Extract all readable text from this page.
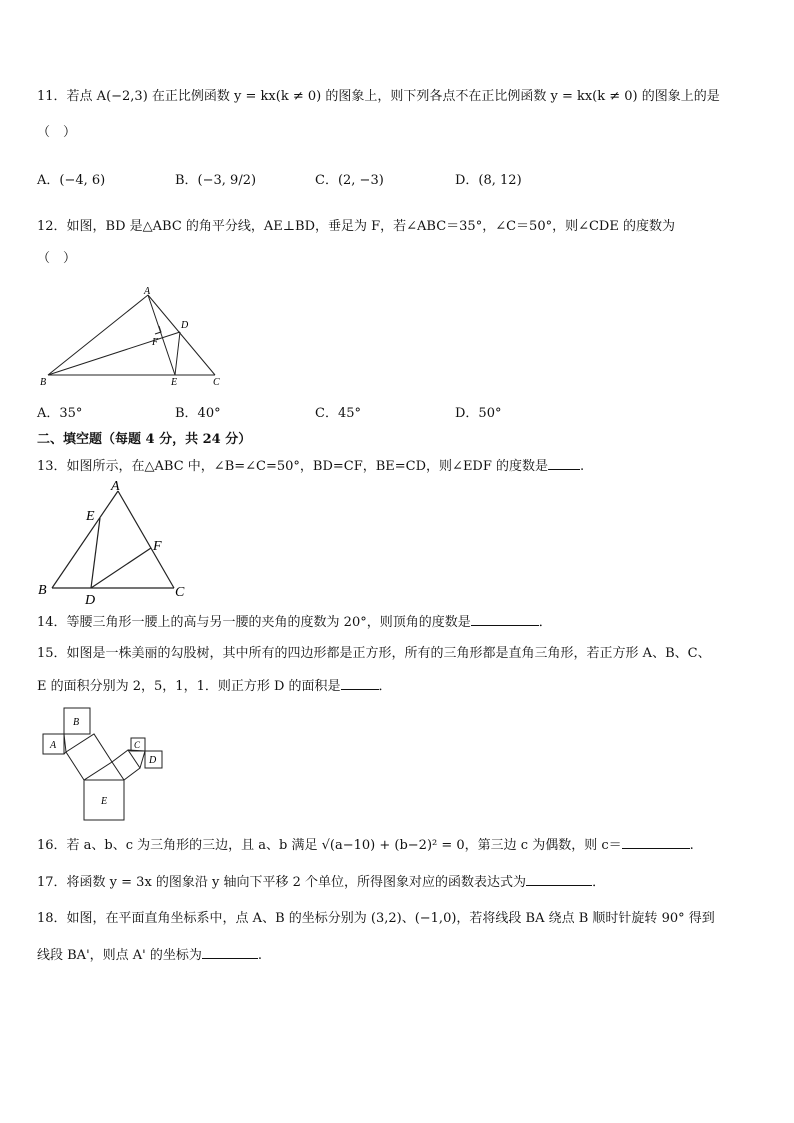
11．若点 A(−2,3) 在正比例函数 y = kx(k ≠ 0) 的图象上，则下列各点不在正比例函数 y = kx(k ≠ 0) 的图象上的是
（　）
A．(−4, 6)	B．(−3, 9/2)	C．(2, −3)	D．(8, 12)
12．如图，BD 是△ABC 的角平分线，AE⊥BD，垂足为 F，若∠ABC＝35°，∠C＝50°，则∠CDE 的度数为
（　）
A
B	C
D
E
F
A．35°	B．40°	C．45°	D．50°
二、填空题（每题 4 分，共 24 分）
13．如图所示，在△ABC 中，∠B=∠C=50°，BD=CF，BE=CD，则∠EDF 的度数是 .
A
B	C
D
E
F
14．等腰三角形一腰上的高与另一腰的夹角的度数为 20°，则顶角的度数是	．
15．如图是一株美丽的勾股树，其中所有的四边形都是正方形，所有的三角形都是直角三角形，若正方形 A、B、C、
E 的面积分别为 2，5，1，1．则正方形 D 的面积是	．
A
B
C
D
E
16．若 a、b、c 为三角形的三边，且 a、b 满足 √(a−10) + (b−2)² = 0，第三边 c 为偶数，则 c＝	.
17．将函数 y = 3x 的图象沿 y 轴向下平移 2 个单位，所得图象对应的函数表达式为	．
18．如图，在平面直角坐标系中，点 A、B 的坐标分别为 (3,2)、(−1,0)，若将线段 BA 绕点 B 顺时针旋转 90° 得到
线段 BA'，则点 A' 的坐标为	.
